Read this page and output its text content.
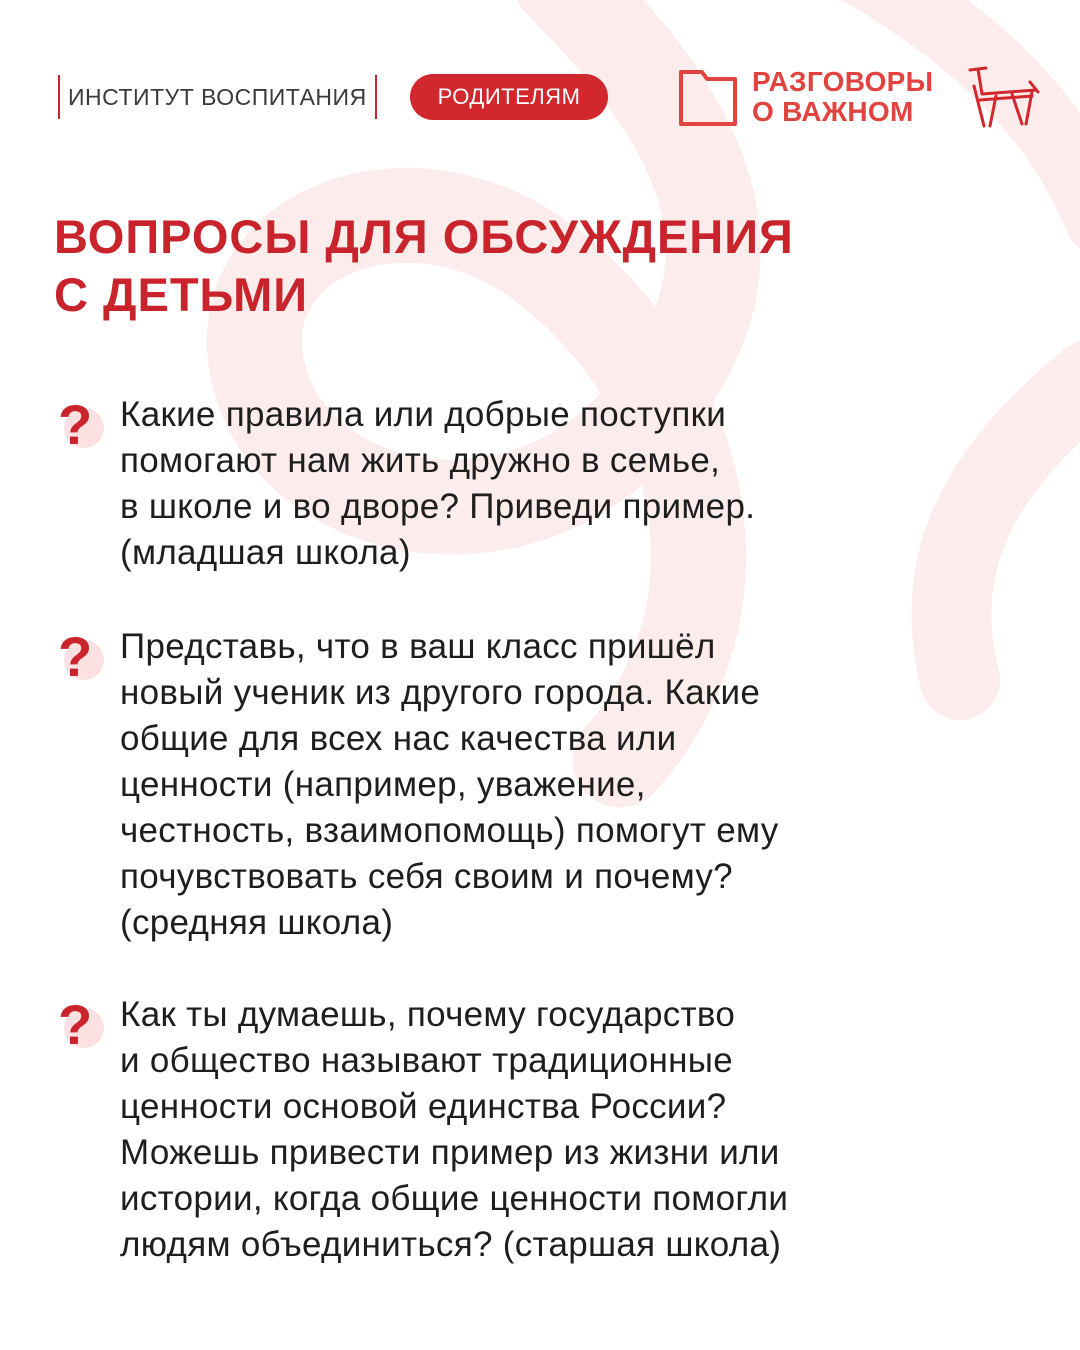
ИНСТИТУТ ВОСПИТАНИЯ	РОДИТЕЛЯМ	РАЗГОВОРЫ
О ВАЖНОМ
ВОПРОСЫ ДЛЯ ОБСУЖДЕНИЯ
С ДЕТЬМИ
? Какие правила или добрые поступки
помогают нам жить дружно в семье,
в школе и во дворе? Приведи пример.
(младшая школа)

? Представь, что в ваш класс пришёл
новый ученик из другого города. Какие
общие для всех нас качества или
ценности (например, уважение,
честность, взаимопомощь) помогут ему
почувствовать себя своим и почему?
(средняя школа)

? Как ты думаешь, почему государство
и общество называют традиционные
ценности основой единства России?
Можешь привести пример из жизни или
истории, когда общие ценности помогли
людям объединиться? (старшая школа)
